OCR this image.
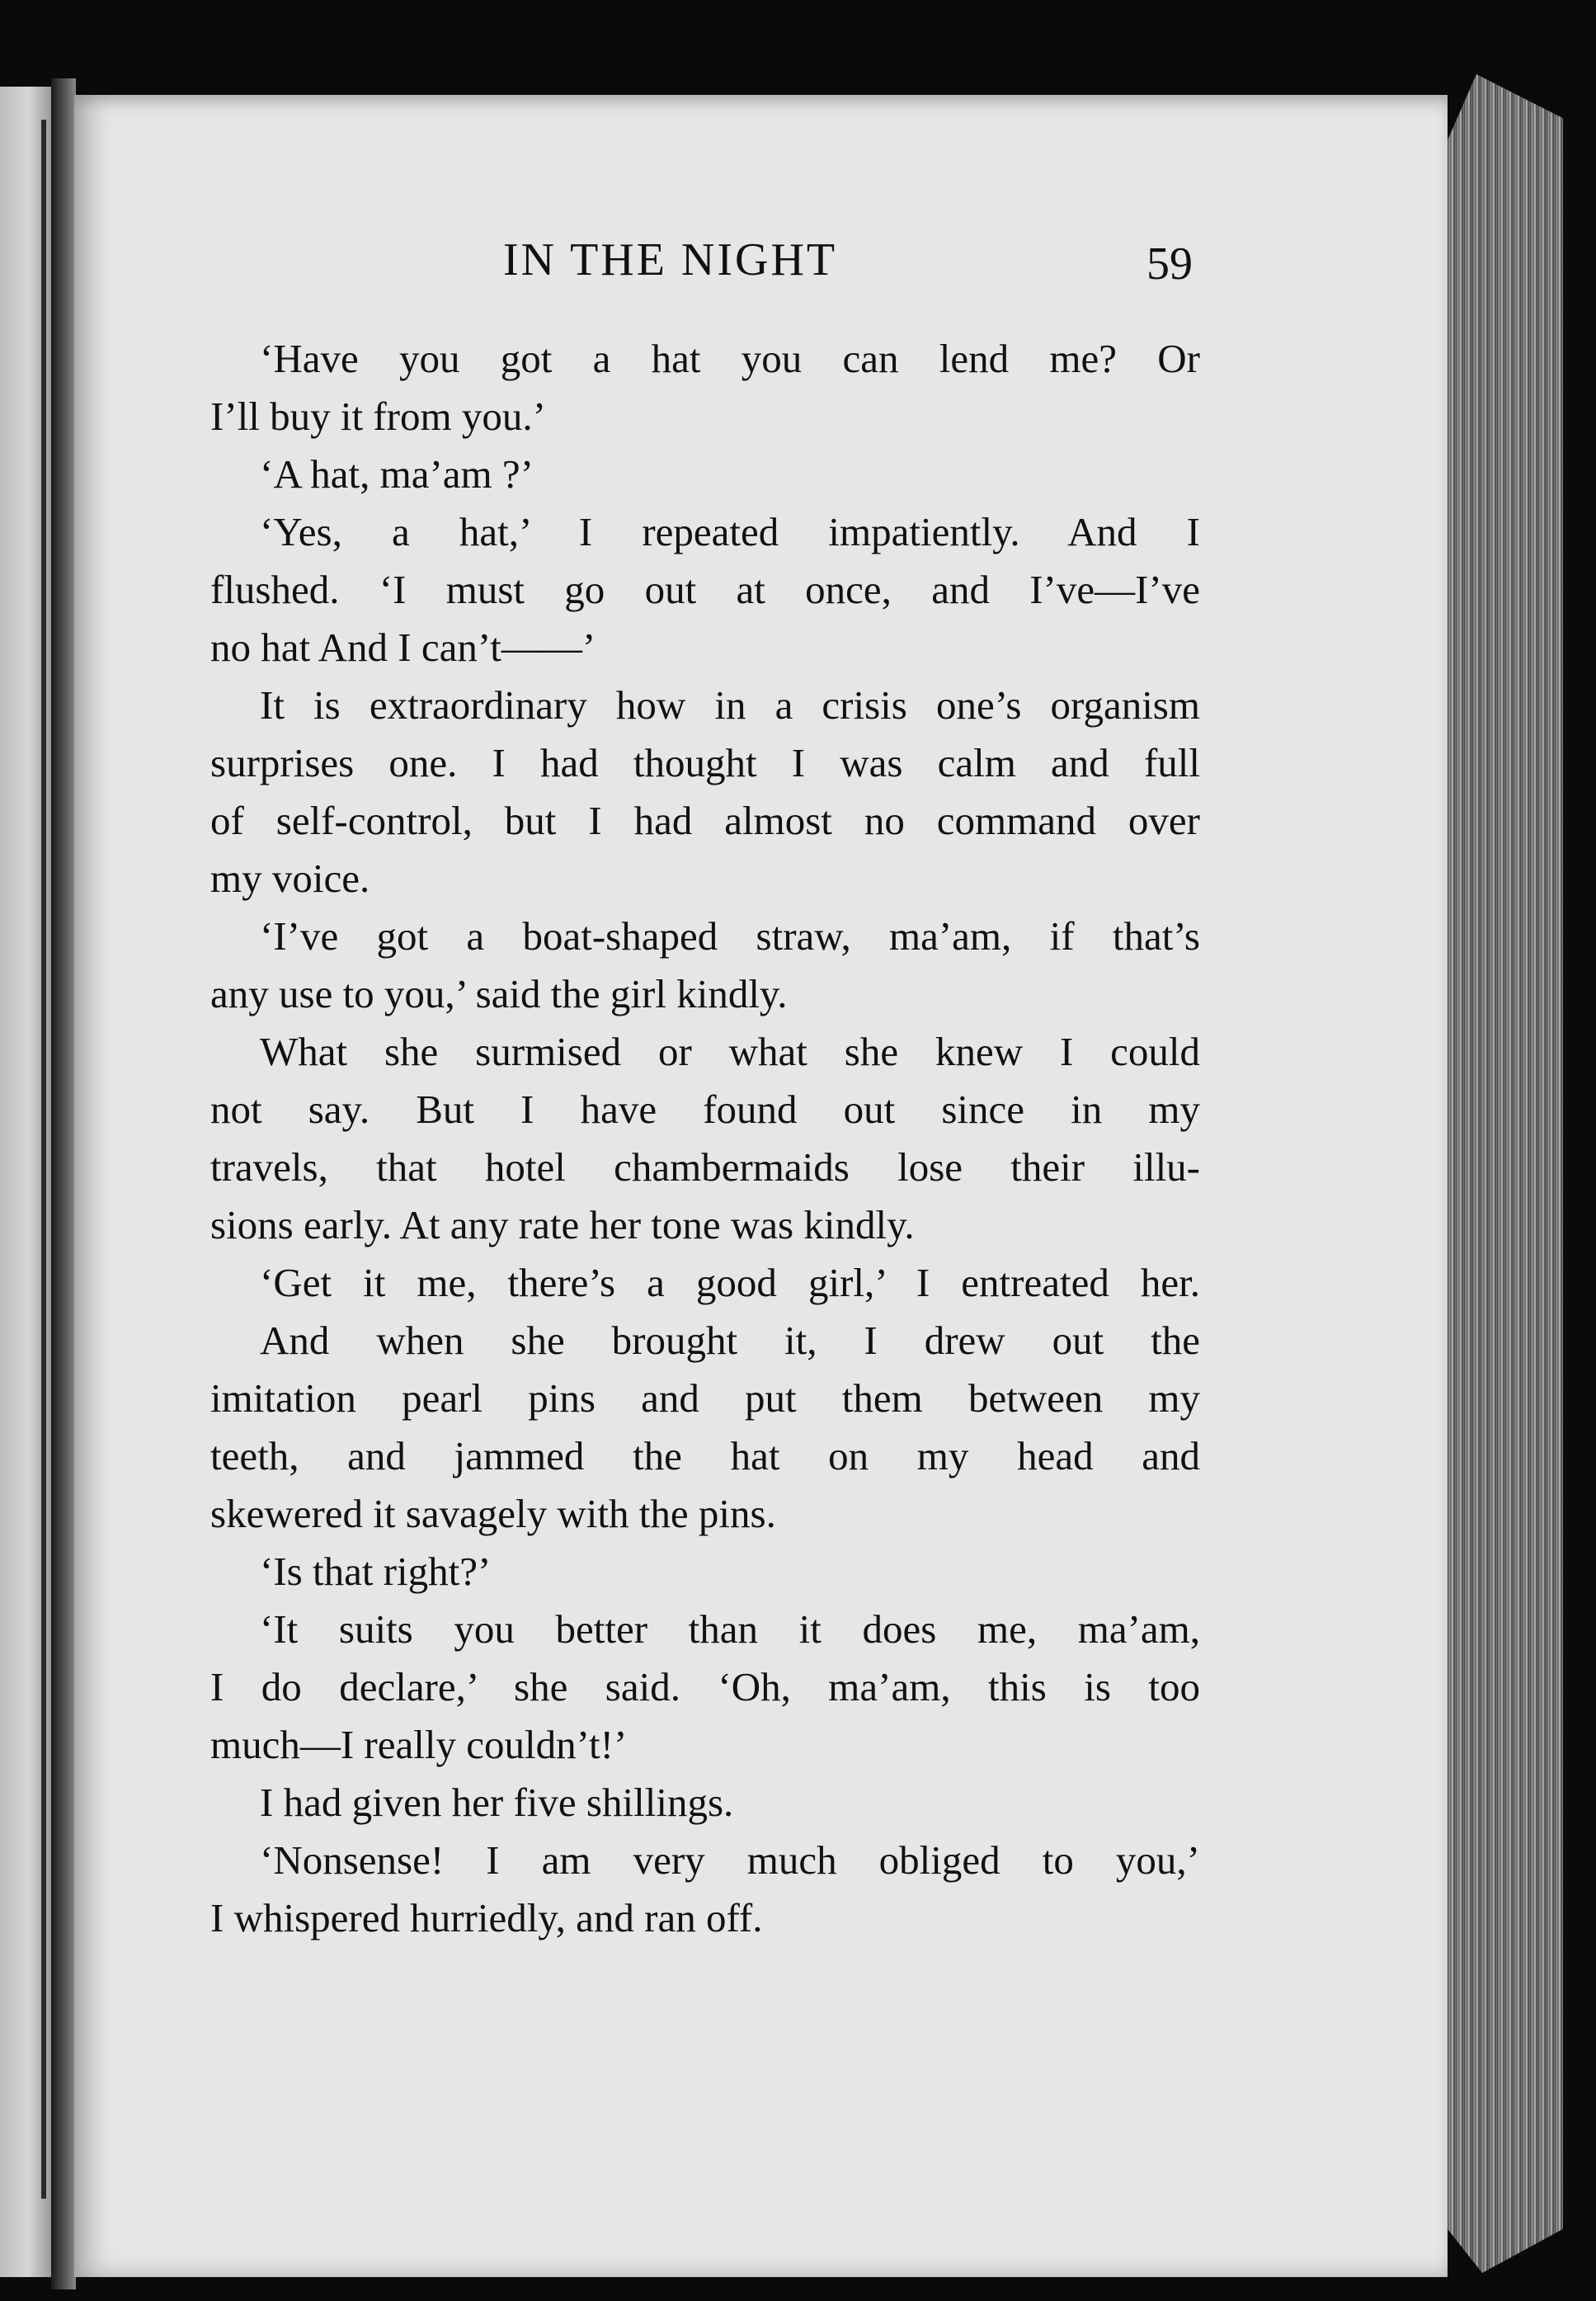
IN THE NIGHT	59
‘Have you got a hat you can lend me? Or
I’ll buy it from you.’
‘A hat, ma’am ?’
‘Yes, a hat,’ I repeated impatiently. And I
flushed. ‘I must go out at once, and I’ve—I’ve
no hat And I can’t——’
It is extraordinary how in a crisis one’s organism
surprises one. I had thought I was calm and full
of self-control, but I had almost no command over
my voice.
‘I’ve got a boat-shaped straw, ma’am, if that’s
any use to you,’ said the girl kindly.
What she surmised or what she knew I could
not say. But I have found out since in my
travels, that hotel chambermaids lose their illu-
sions early. At any rate her tone was kindly.
‘Get it me, there’s a good girl,’ I entreated her.
And when she brought it, I drew out the
imitation pearl pins and put them between my
teeth, and jammed the hat on my head and
skewered it savagely with the pins.
‘Is that right?’
‘It suits you better than it does me, ma’am,
I do declare,’ she said. ‘Oh, ma’am, this is too
much—I really couldn’t!’
I had given her five shillings.
‘Nonsense! I am very much obliged to you,’
I whispered hurriedly, and ran off.
